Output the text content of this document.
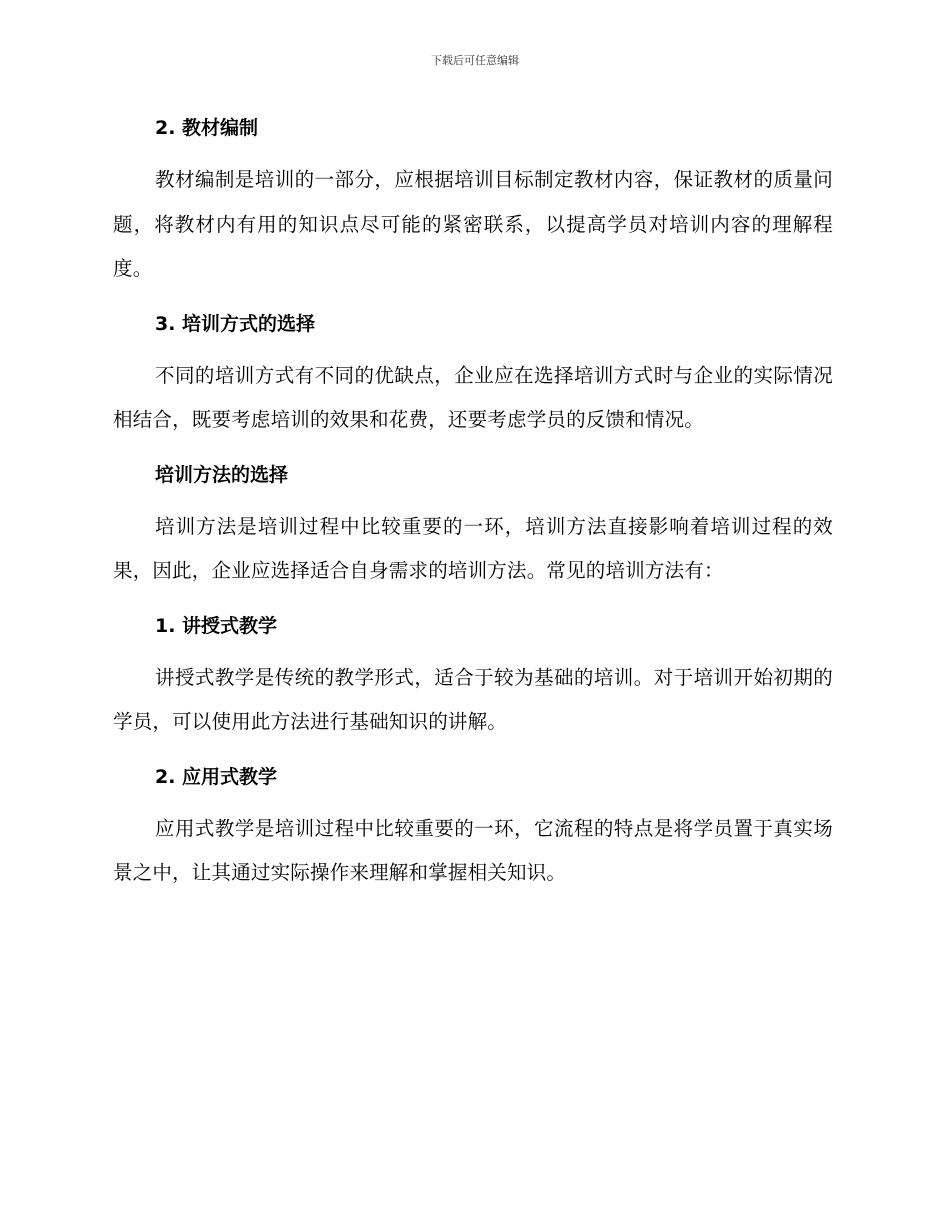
下载后可任意编辑
2. 教材编制

教材编制是培训的一部分，应根据培训目标制定教材内容，保证教材的质量问题，将教材内有用的知识点尽可能的紧密联系，以提高学员对培训内容的理解程度。

3. 培训方式的选择

不同的培训方式有不同的优缺点，企业应在选择培训方式时与企业的实际情况相结合，既要考虑培训的效果和花费，还要考虑学员的反馈和情况。

培训方法的选择

培训方法是培训过程中比较重要的一环，培训方法直接影响着培训过程的效果，因此，企业应选择适合自身需求的培训方法。常见的培训方法有：

1. 讲授式教学

讲授式教学是传统的教学形式，适合于较为基础的培训。对于培训开始初期的学员，可以使用此方法进行基础知识的讲解。

2. 应用式教学

应用式教学是培训过程中比较重要的一环，它流程的特点是将学员置于真实场景之中，让其通过实际操作来理解和掌握相关知识。
